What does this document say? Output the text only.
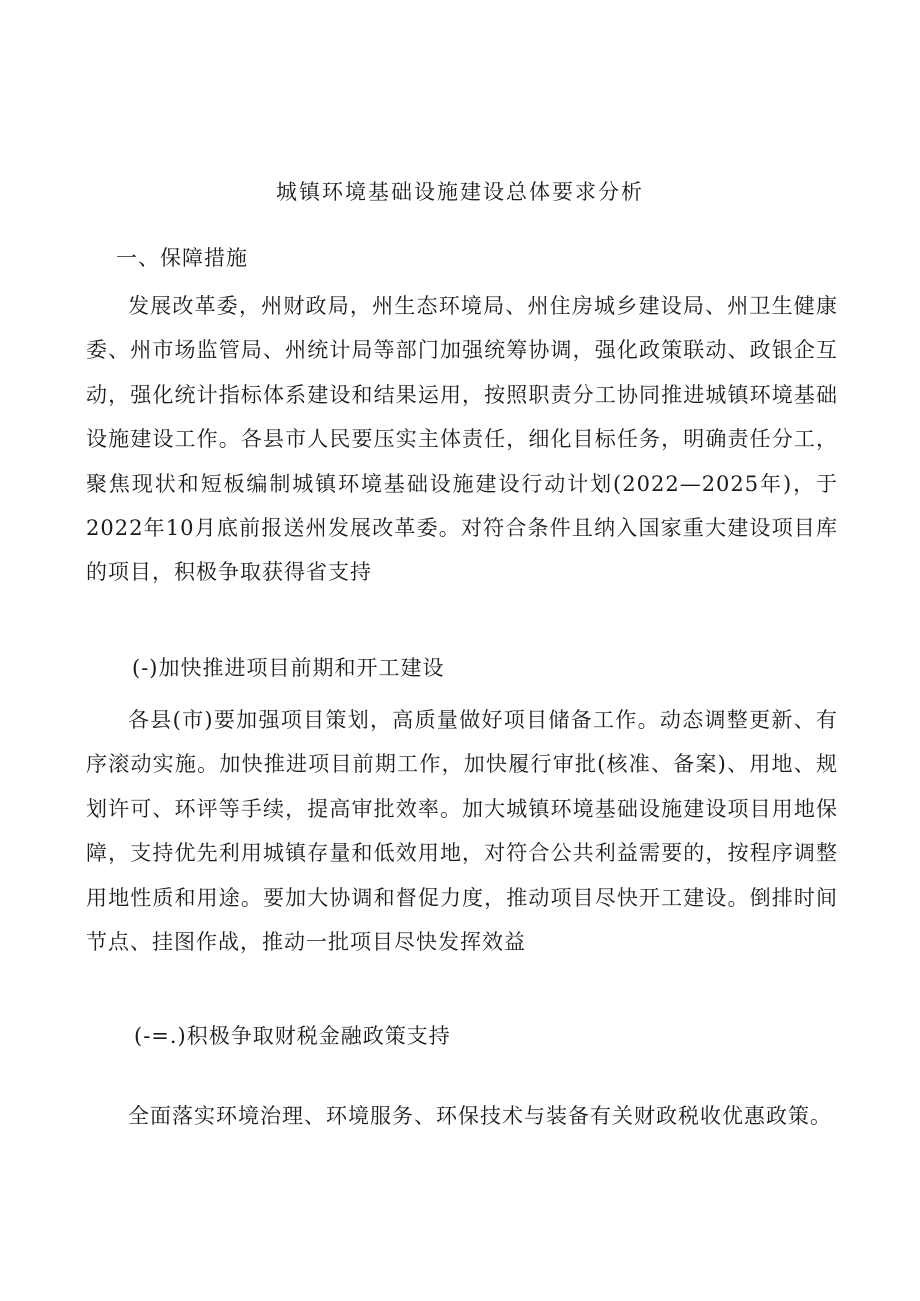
城镇环境基础设施建设总体要求分析
一、保障措施

发展改革委，州财政局，州生态环境局、州住房城乡建设局、州卫生健康委、州市场监管局、州统计局等部门加强统筹协调，强化政策联动、政银企互动，强化统计指标体系建设和结果运用，按照职责分工协同推进城镇环境基础设施建设工作。各县市人民要压实主体责任，细化目标任务，明确责任分工，聚焦现状和短板编制城镇环境基础设施建设行动计划(2022—2025年)，于2022年10月底前报送州发展改革委。对符合条件且纳入国家重大建设项目库的项目，积极争取获得省支持

(-)加快推进项目前期和开工建设

各县(市)要加强项目策划，高质量做好项目储备工作。动态调整更新、有序滚动实施。加快推进项目前期工作，加快履行审批(核准、备案)、用地、规划许可、环评等手续，提高审批效率。加大城镇环境基础设施建设项目用地保障，支持优先利用城镇存量和低效用地，对符合公共利益需要的，按程序调整用地性质和用途。要加大协调和督促力度，推动项目尽快开工建设。倒排时间节点、挂图作战，推动一批项目尽快发挥效益

(-=.)积极争取财税金融政策支持

全面落实环境治理、环境服务、环保技术与装备有关财政税收优惠政策。
